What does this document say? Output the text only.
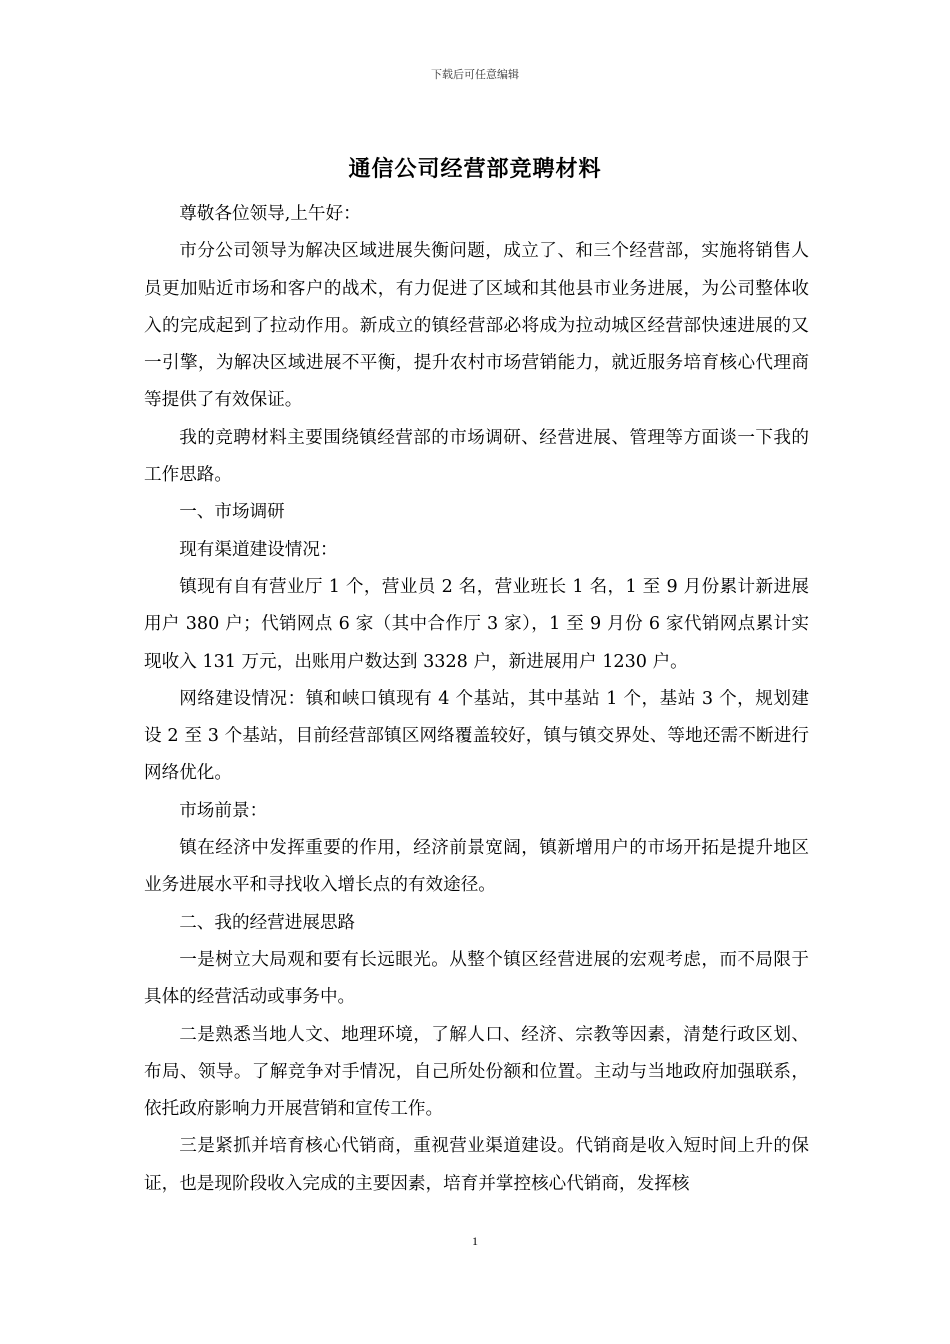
下载后可任意编辑
通信公司经营部竞聘材料

尊敬各位领导,上午好：

市分公司领导为解决区域进展失衡问题，成立了、和三个经营部，实施将销售人员更加贴近市场和客户的战术，有力促进了区域和其他县市业务进展，为公司整体收入的完成起到了拉动作用。新成立的镇经营部必将成为拉动城区经营部快速进展的又一引擎，为解决区域进展不平衡，提升农村市场营销能力，就近服务培育核心代理商等提供了有效保证。

我的竞聘材料主要围绕镇经营部的市场调研、经营进展、管理等方面谈一下我的工作思路。

一、市场调研

现有渠道建设情况：

镇现有自有营业厅 1 个，营业员 2 名，营业班长 1 名，1 至 9 月份累计新进展用户 380 户；代销网点 6 家（其中合作厅 3 家），1 至 9 月份 6 家代销网点累计实现收入 131 万元，出账用户数达到 3328 户，新进展用户 1230 户。

网络建设情况：镇和峡口镇现有 4 个基站，其中基站 1 个，基站 3 个，规划建设 2 至 3 个基站，目前经营部镇区网络覆盖较好，镇与镇交界处、等地还需不断进行网络优化。

市场前景：

镇在经济中发挥重要的作用，经济前景宽阔，镇新增用户的市场开拓是提升地区业务进展水平和寻找收入增长点的有效途径。

二、我的经营进展思路

一是树立大局观和要有长远眼光。从整个镇区经营进展的宏观考虑，而不局限于具体的经营活动或事务中。

二是熟悉当地人文、地理环境，了解人口、经济、宗教等因素，清楚行政区划、布局、领导。了解竞争对手情况，自己所处份额和位置。主动与当地政府加强联系，依托政府影响力开展营销和宣传工作。

三是紧抓并培育核心代销商，重视营业渠道建设。代销商是收入短时间上升的保证，也是现阶段收入完成的主要因素，培育并掌控核心代销商，发挥核

1
